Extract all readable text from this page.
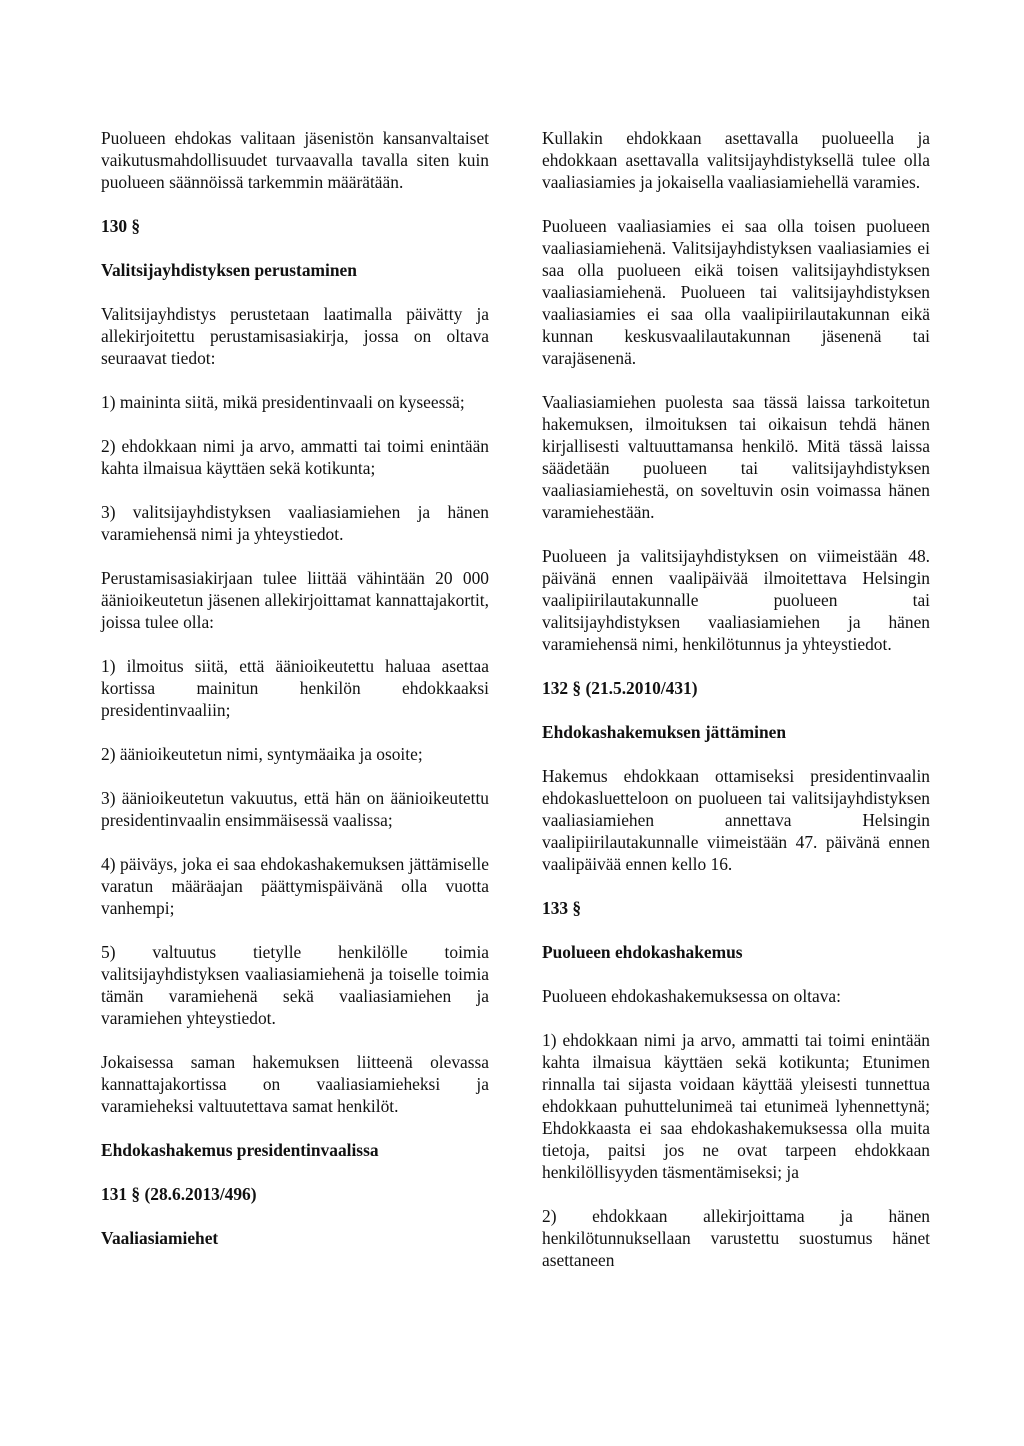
Puolueen ehdokas valitaan jäsenistön kansanvaltaiset vaikutusmahdollisuudet turvaavalla tavalla siten kuin puolueen säännöissä tarkemmin määrätään.

130 §
Valitsijayhdistyksen perustaminen

Valitsijayhdistys perustetaan laatimalla päivätty ja allekirjoitettu perustamisasiakirja, jossa on oltava seuraavat tiedot:

1) maininta siitä, mikä presidentinvaali on kyseessä;

2) ehdokkaan nimi ja arvo, ammatti tai toimi enintään kahta ilmaisua käyttäen sekä kotikunta;

3) valitsijayhdistyksen vaaliasiamiehen ja hänen varamiehensä nimi ja yhteystiedot.

Perustamisasiakirjaan tulee liittää vähintään 20 000 äänioikeutetun jäsenen allekirjoittamat kannattajakortit, joissa tulee olla:

1) ilmoitus siitä, että äänioikeutettu haluaa asettaa kortissa mainitun henkilön ehdokkaaksi presidentinvaaliin;

2) äänioikeutetun nimi, syntymäaika ja osoite;

3) äänioikeutetun vakuutus, että hän on äänioikeutettu presidentinvaalin ensimmäisessä vaalissa;

4) päiväys, joka ei saa ehdokashakemuksen jättämiselle varatun määräajan päättymispäivänä olla vuotta vanhempi;

5) valtuutus tietylle henkilölle toimia valitsijayhdistyksen vaaliasiamiehenä ja toiselle toimia tämän varamiehenä sekä vaaliasiamiehen ja varamiehen yhteystiedot.

Jokaisessa saman hakemuksen liitteenä olevassa kannattajakortissa on vaaliasiamieheksi ja varamieheksi valtuutettava samat henkilöt.

Ehdokashakemus presidentinvaalissa
131 § (28.6.2013/496)
Vaaliasiamiehet

Kullakin ehdokkaan asettavalla puolueella ja ehdokkaan asettavalla valitsijayhdistyksellä tulee olla vaaliasiamies ja jokaisella vaaliasiamiehellä varamies.

Puolueen vaaliasiamies ei saa olla toisen puolueen vaaliasiamiehenä. Valitsijayhdistyksen vaaliasiamies ei saa olla puolueen eikä toisen valitsijayhdistyksen vaaliasiamiehenä. Puolueen tai valitsijayhdistyksen vaaliasiamies ei saa olla vaalipiirilautakunnan eikä kunnan keskusvaalilautakunnan jäsenenä tai varajäsenenä.

Vaaliasiamiehen puolesta saa tässä laissa tarkoitetun hakemuksen, ilmoituksen tai oikaisun tehdä hänen kirjallisesti valtuuttamansa henkilö. Mitä tässä laissa säädetään puolueen tai valitsijayhdistyksen vaaliasiamiehestä, on soveltuvin osin voimassa hänen varamiehestään.

Puolueen ja valitsijayhdistyksen on viimeistään 48. päivänä ennen vaalipäivää ilmoitettava Helsingin vaalipiirilautakunnalle puolueen tai valitsijayhdistyksen vaaliasiamiehen ja hänen varamiehensä nimi, henkilötunnus ja yhteystiedot.

132 § (21.5.2010/431)
Ehdokashakemuksen jättäminen

Hakemus ehdokkaan ottamiseksi presidentinvaalin ehdokasluetteloon on puolueen tai valitsijayhdistyksen vaaliasiamiehen annettava Helsingin vaalipiirilautakunnalle viimeistään 47. päivänä ennen vaalipäivää ennen kello 16.

133 §
Puolueen ehdokashakemus

Puolueen ehdokashakemuksessa on oltava:

1) ehdokkaan nimi ja arvo, ammatti tai toimi enintään kahta ilmaisua käyttäen sekä kotikunta; Etunimen rinnalla tai sijasta voidaan käyttää yleisesti tunnettua ehdokkaan puhuttelunimeä tai etunimeä lyhennettynä; Ehdokkaasta ei saa ehdokashakemuksessa olla muita tietoja, paitsi jos ne ovat tarpeen ehdokkaan henkilöllisyyden täsmentämiseksi; ja

2) ehdokkaan allekirjoittama ja hänen henkilötunnuksellaan varustettu suostumus hänet asettaneen
